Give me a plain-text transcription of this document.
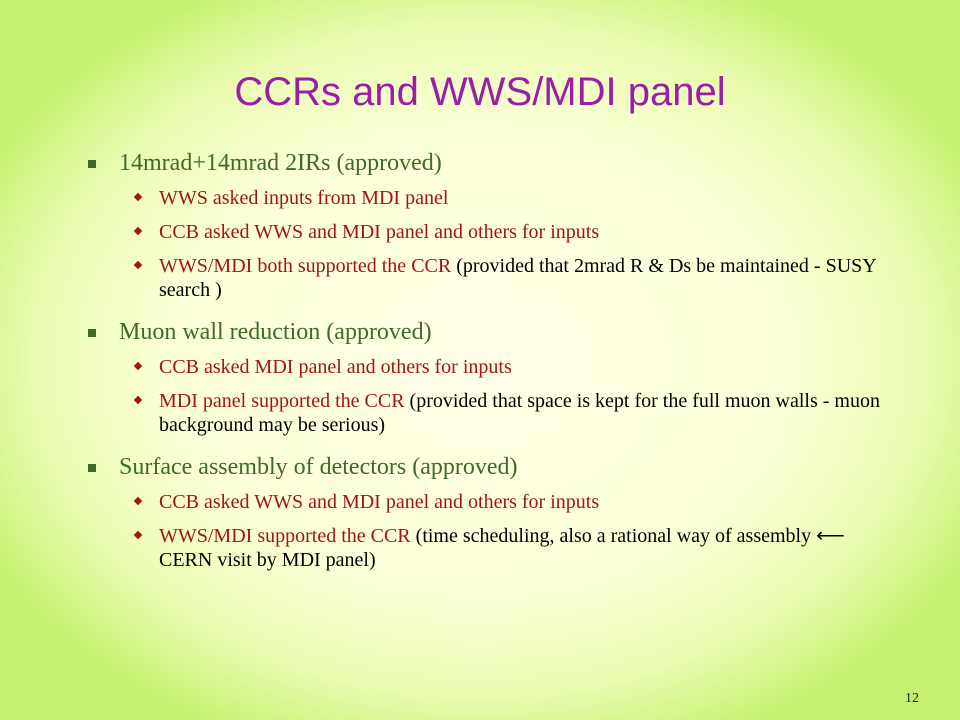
CCRs and WWS/MDI panel
14mrad+14mrad 2IRs (approved)
WWS asked inputs from MDI panel
CCB asked WWS and MDI panel and others for inputs
WWS/MDI both supported the CCR (provided that 2mrad R & Ds be maintained - SUSY search )
Muon wall reduction (approved)
CCB asked MDI panel and others for inputs
MDI panel supported the CCR (provided that space is kept for the full muon walls - muon background may be serious)
Surface assembly of detectors (approved)
CCB asked WWS and MDI panel and others for inputs
WWS/MDI supported the CCR (time scheduling, also a rational way of assembly ⟵ CERN visit by MDI panel)
12
